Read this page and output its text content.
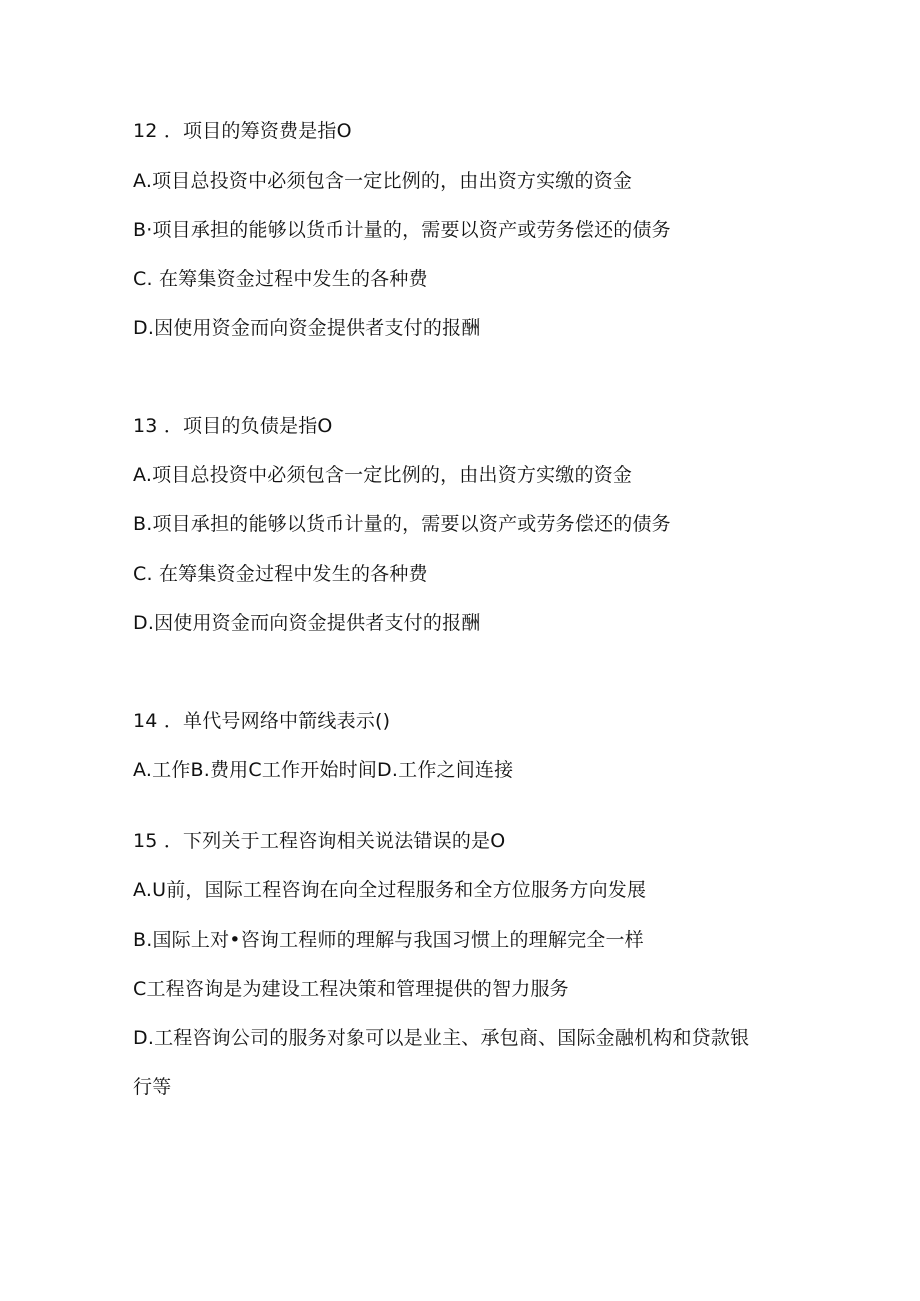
12 ．项目的筹资费是指O
A.项目总投资中必须包含一定比例的，由出资方实缴的资金
B·项目承担的能够以货币计量的，需要以资产或劳务偿还的债务
C. 在筹集资金过程中发生的各种费
D.因使用资金而向资金提供者支付的报酬
13 ．项目的负债是指O
A.项目总投资中必须包含一定比例的，由出资方实缴的资金
B.项目承担的能够以货币计量的，需要以资产或劳务偿还的债务
C. 在筹集资金过程中发生的各种费
D.因使用资金而向资金提供者支付的报酬
14 ．单代号网络中箭线表示()
A.工作B.费用C工作开始时间D.工作之间连接
15 ．下列关于工程咨询相关说法错误的是O
A.U前，国际工程咨询在向全过程服务和全方位服务方向发展
B.国际上对•咨询工程师的理解与我国习惯上的理解完全一样
C工程咨询是为建设工程决策和管理提供的智力服务
D.工程咨询公司的服务对象可以是业主、承包商、国际金融机构和贷款银
行等
